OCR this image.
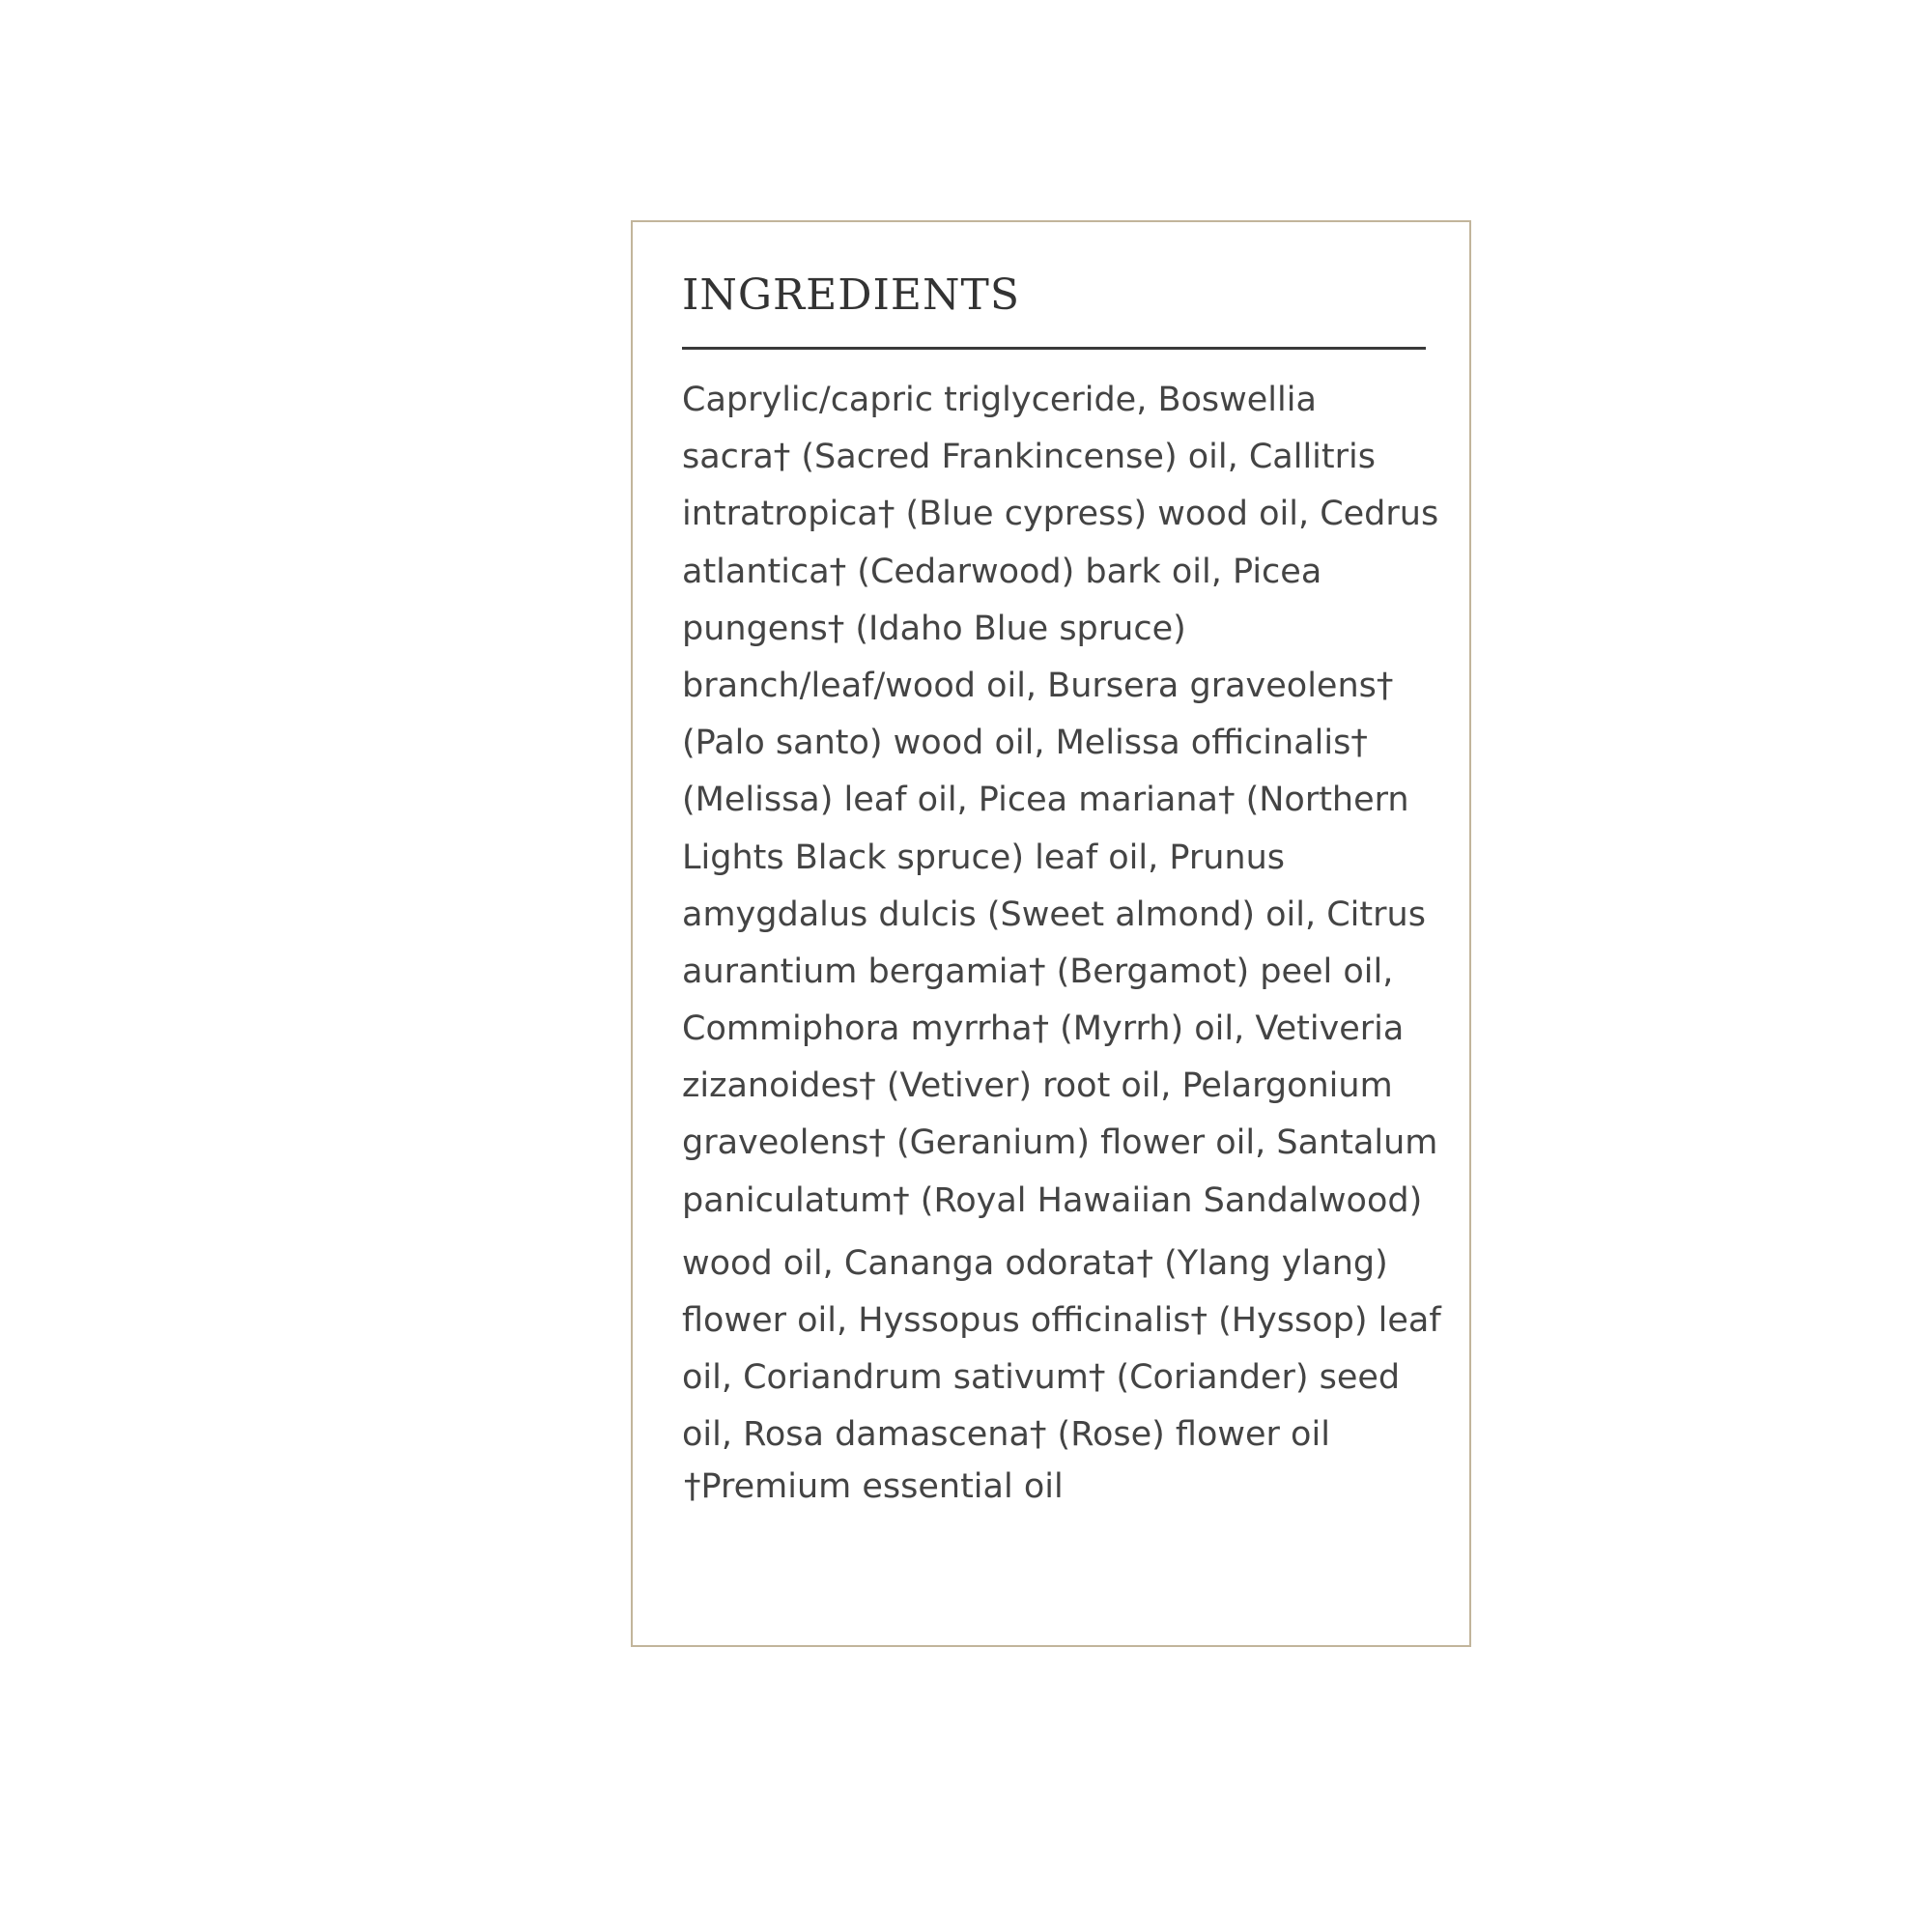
INGREDIENTS
Caprylic/capric triglyceride, Boswellia
sacra† (Sacred Frankincense) oil, Callitris
intratropica† (Blue cypress) wood oil, Cedrus
atlantica† (Cedarwood) bark oil, Picea
pungens† (Idaho Blue spruce)
branch/leaf/wood oil, Bursera graveolens†
(Palo santo) wood oil, Melissa officinalis†
(Melissa) leaf oil, Picea mariana† (Northern
Lights Black spruce) leaf oil, Prunus
amygdalus dulcis (Sweet almond) oil, Citrus
aurantium bergamia† (Bergamot) peel oil,
Commiphora myrrha† (Myrrh) oil, Vetiveria
zizanoides† (Vetiver) root oil, Pelargonium
graveolens† (Geranium) flower oil, Santalum
paniculatum† (Royal Hawaiian Sandalwood)
wood oil, Cananga odorata† (Ylang ylang)
flower oil, Hyssopus officinalis† (Hyssop) leaf
oil, Coriandrum sativum† (Coriander) seed
oil, Rosa damascena† (Rose) flower oil
†Premium essential oil
